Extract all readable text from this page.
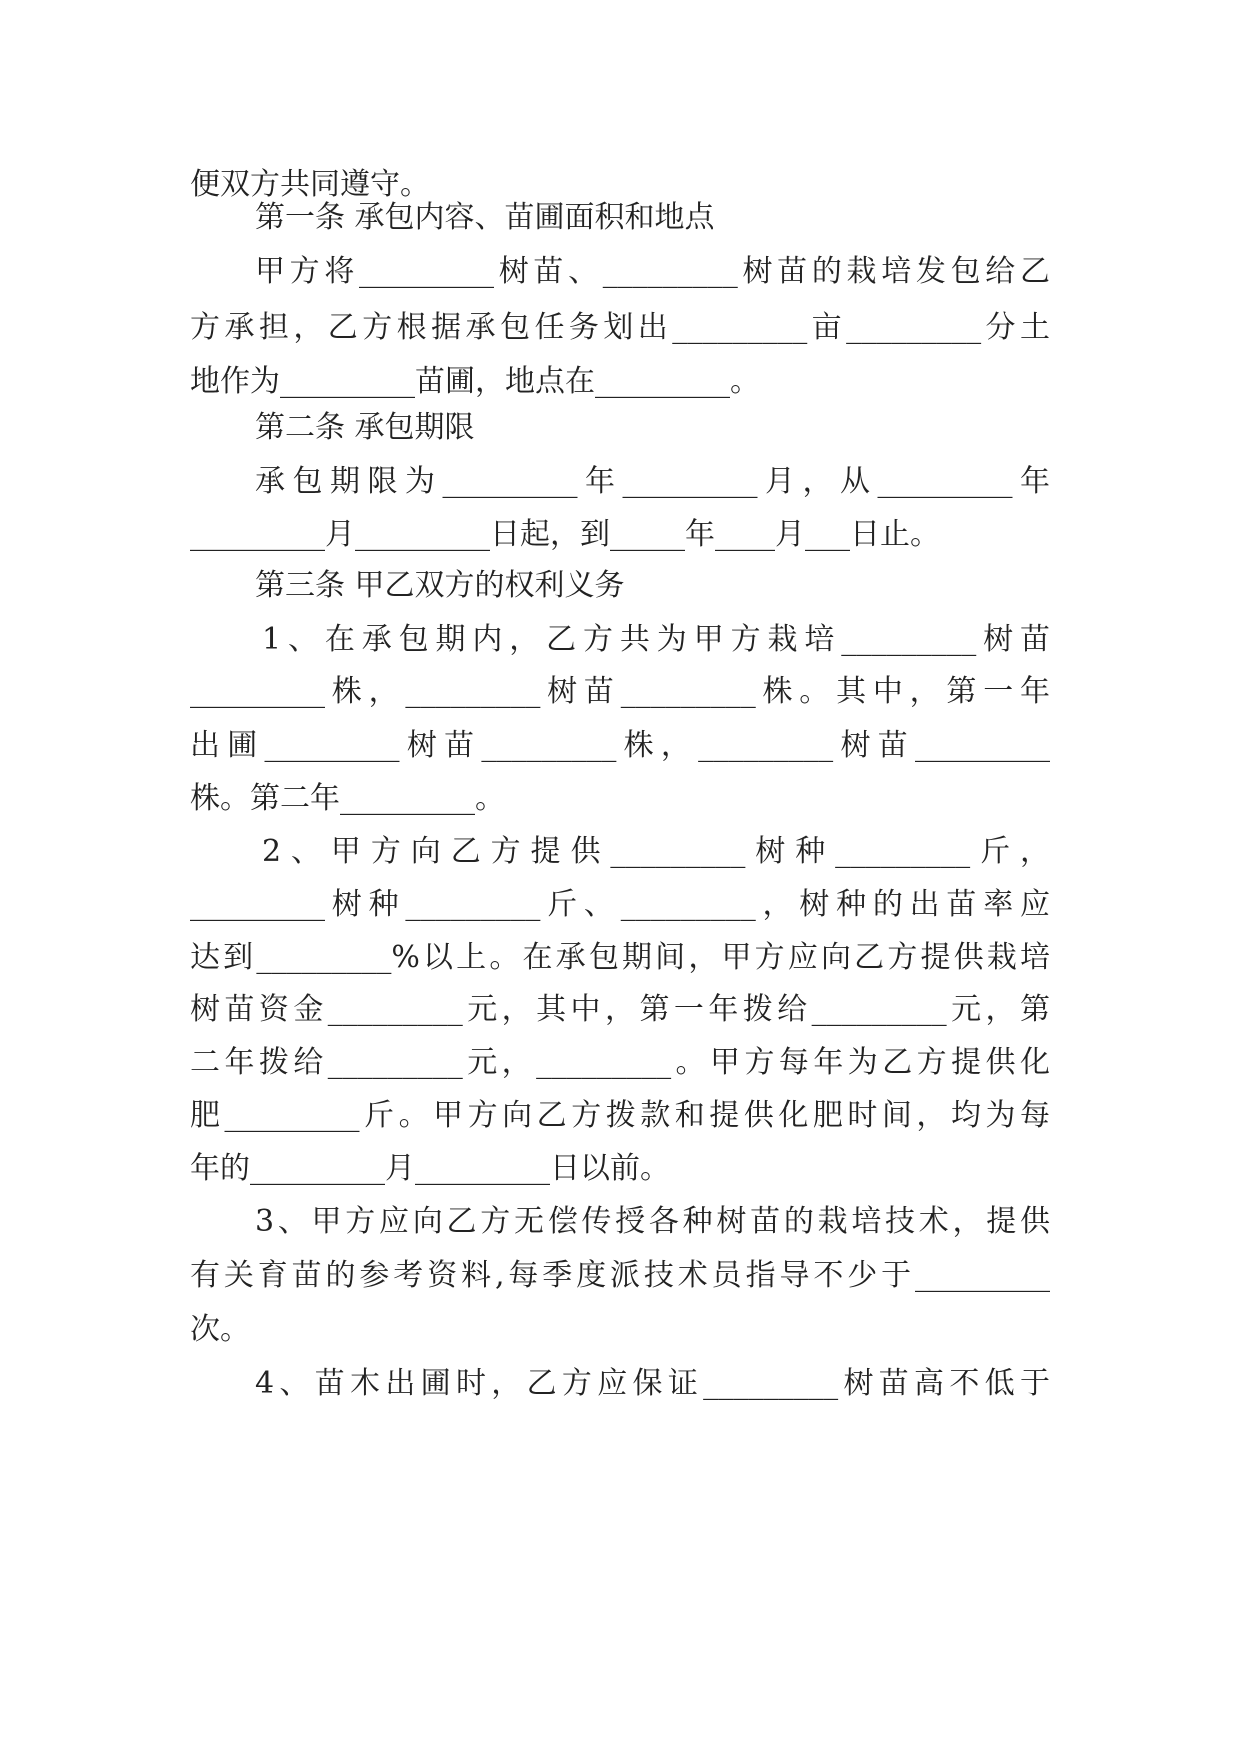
便双方共同遵守。
第一条 承包内容、苗圃面积和地点
甲方将_________树苗、_________树苗的栽培发包给乙
方承担，乙方根据承包任务划出_________亩_________分土
地作为_________苗圃，地点在_________。
第二条 承包期限
承包期限为_________年_________月，从_________年
_________月_________日起，到_____年____月___日止。
第三条 甲乙双方的权利义务
1、在承包期内，乙方共为甲方栽培_________树苗
_________株，_________树苗_________株。其中，第一年
出圃_________树苗_________株，_________树苗_________
株。第二年_________。
2、甲方向乙方提供_________树种_________斤，
_________树种_________斤、_________，树种的出苗率应
达到_________%以上。在承包期间，甲方应向乙方提供栽培
树苗资金_________元，其中，第一年拨给_________元，第
二年拨给_________元，_________。甲方每年为乙方提供化
肥_________斤。甲方向乙方拨款和提供化肥时间，均为每
年的_________月_________日以前。
3、甲方应向乙方无偿传授各种树苗的栽培技术，提供
有关育苗的参考资料,每季度派技术员指导不少于_________
次。
4、苗木出圃时，乙方应保证_________树苗高不低于
